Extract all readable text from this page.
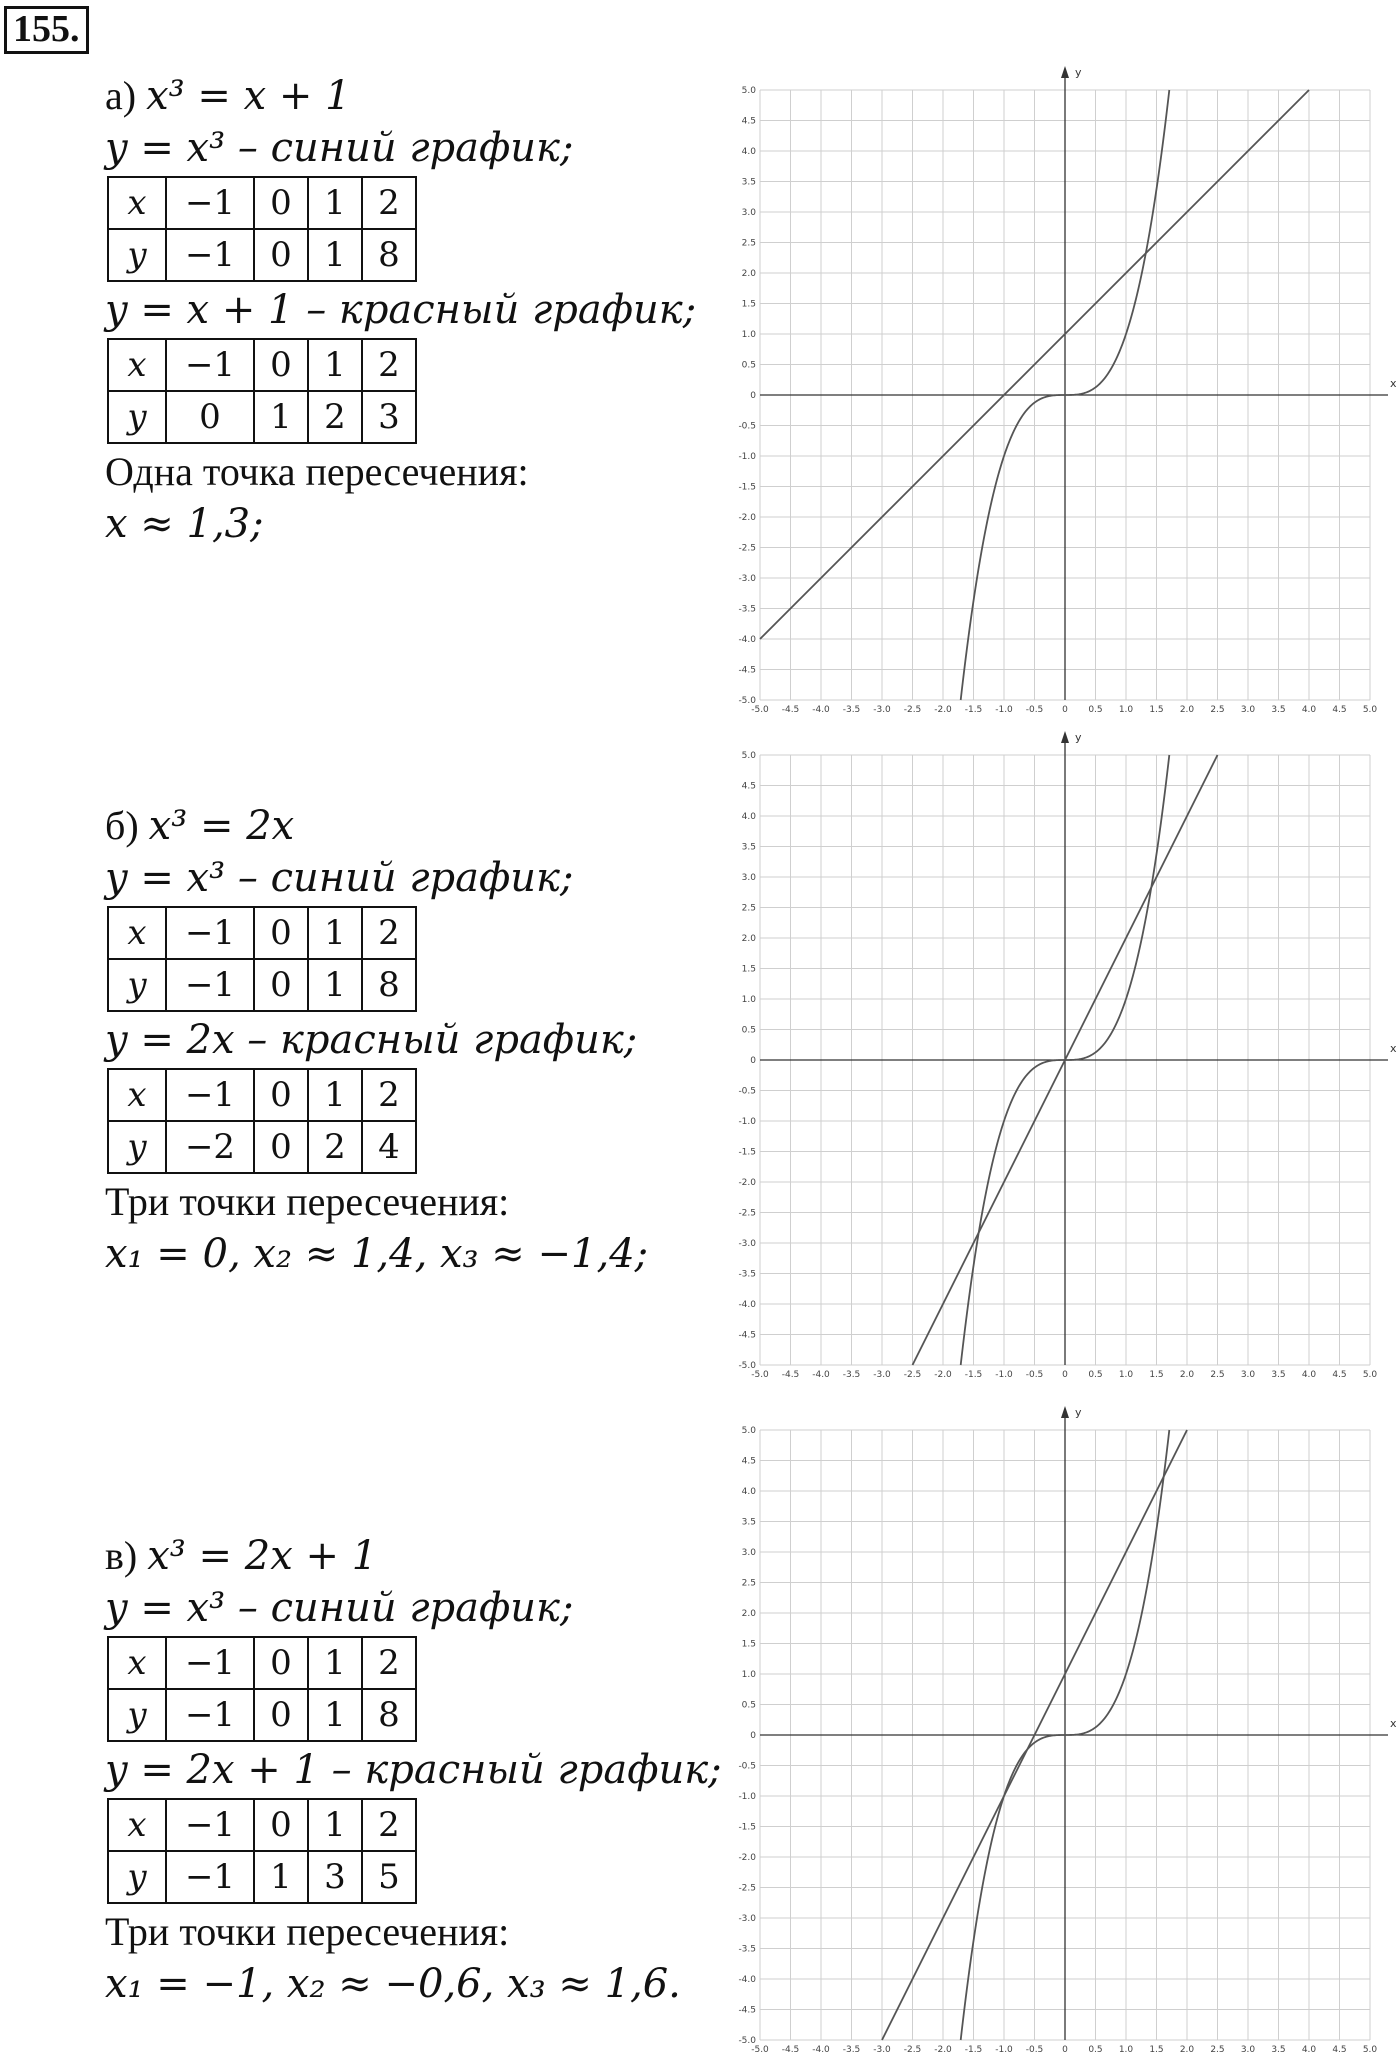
155.
а) x³ = x + 1
y = x³ – синий график;
x	−1	0	1	2
y	−1	0	1	8
y = x + 1 – красный график;
x	−1	0	1	2
y	0	1	2	3
Одна точка пересечения:
x ≈ 1,3;
б) x³ = 2x
y = x³ – синий график;
x	−1	0	1	2
y	−1	0	1	8
y = 2x – красный график;
x	−1	0	1	2
y	−2	0	2	4
Три точки пересечения:
x₁ = 0, x₂ ≈ 1,4, x₃ ≈ −1,4;
в) x³ = 2x + 1
y = x³ – синий график;
x	−1	0	1	2
y	−1	0	1	8
y = 2x + 1 – красный график;
x	−1	0	1	2
y	−1	1	3	5
Три точки пересечения:
x₁ = −1, x₂ ≈ −0,6, x₃ ≈ 1,6.
x
y
-5.0
-5.0
-4.5
-4.5
-4.0
-4.0
-3.5
-3.5
-3.0
-3.0
-2.5
-2.5
-2.0
-2.0
-1.5
-1.5
-1.0
-1.0
-0.5
-0.5
0
0
0.5
0.5
1.0
1.0
1.5
1.5
2.0
2.0
2.5
2.5
3.0
3.0
3.5
3.5
4.0
4.0
4.5
4.5
5.0
5.0
x
y
-5.0
-5.0
-4.5
-4.5
-4.0
-4.0
-3.5
-3.5
-3.0
-3.0
-2.5
-2.5
-2.0
-2.0
-1.5
-1.5
-1.0
-1.0
-0.5
-0.5
0
0
0.5
0.5
1.0
1.0
1.5
1.5
2.0
2.0
2.5
2.5
3.0
3.0
3.5
3.5
4.0
4.0
4.5
4.5
5.0
5.0
x
y
-5.0
-5.0
-4.5
-4.5
-4.0
-4.0
-3.5
-3.5
-3.0
-3.0
-2.5
-2.5
-2.0
-2.0
-1.5
-1.5
-1.0
-1.0
-0.5
-0.5
0
0
0.5
0.5
1.0
1.0
1.5
1.5
2.0
2.0
2.5
2.5
3.0
3.0
3.5
3.5
4.0
4.0
4.5
4.5
5.0
5.0
